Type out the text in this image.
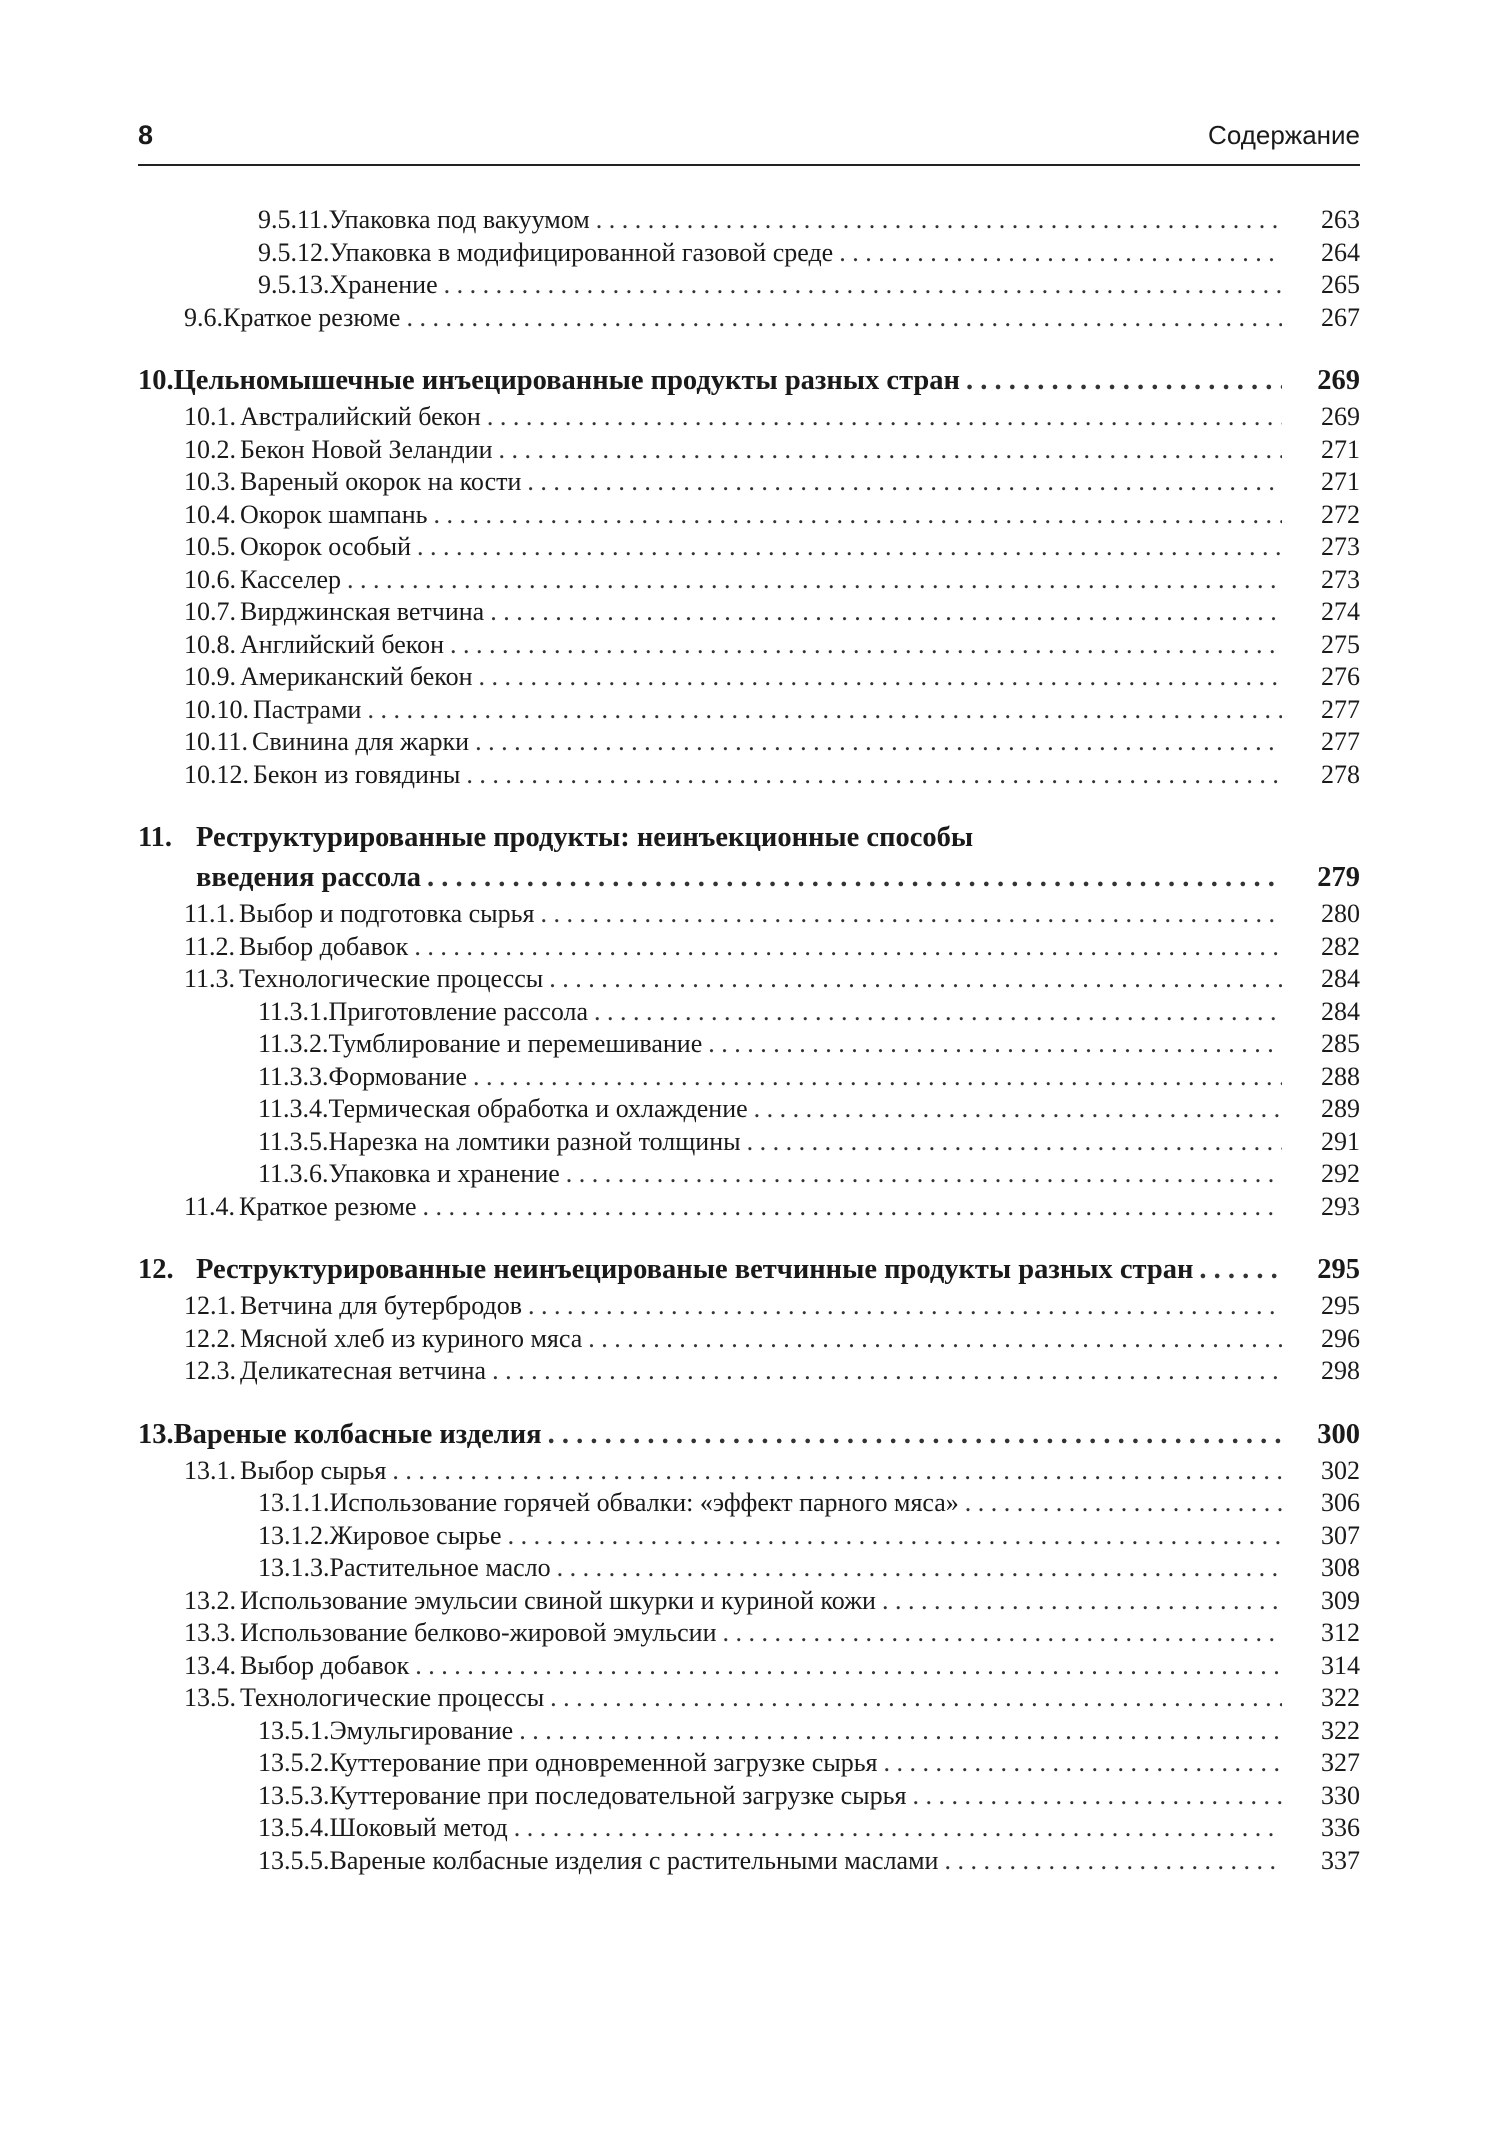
8	Содержание
9.5.11. Упаковка под вакуумом . . .	263
9.5.12. Упаковка в модифицированной газовой среде . . .	264
9.5.13. Хранение . . .	265
9.6. Краткое резюме . . .	267
10. Цельномышечные инъецированные продукты разных стран . . .	269
10.1. Австралийский бекон . . .	269
10.2. Бекон Новой Зеландии . . .	271
10.3. Вареный окорок на кости . . .	271
10.4. Окорок шампань . . .	272
10.5. Окорок особый . . .	273
10.6. Касселер . . .	273
10.7. Вирджинская ветчина . . .	274
10.8. Английский бекон . . .	275
10.9. Американский бекон . . .	276
10.10. Пастрами . . .	277
10.11. Свинина для жарки . . .	277
10.12. Бекон из говядины . . .	278
11. Реструктурированные продукты: неинъекционные способы
введения рассола . . .	279
11.1. Выбор и подготовка сырья . . .	280
11.2. Выбор добавок . . .	282
11.3. Технологические процессы . . .	284
11.3.1. Приготовление рассола . . .	284
11.3.2. Тумблирование и перемешивание . . .	285
11.3.3. Формование . . .	288
11.3.4. Термическая обработка и охлаждение . . .	289
11.3.5. Нарезка на ломтики разной толщины . . .	291
11.3.6. Упаковка и хранение . . .	292
11.4. Краткое резюме . . .	293
12. Реструктурированные неинъецированые ветчинные продукты разных стран . . .	295
12.1. Ветчина для бутербродов . . .	295
12.2. Мясной хлеб из куриного мяса . . .	296
12.3. Деликатесная ветчина . . .	298
13. Вареные колбасные изделия . . .	300
13.1. Выбор сырья . . .	302
13.1.1. Использование горячей обвалки: «эффект парного мяса» . . .	306
13.1.2. Жировое сырье . . .	307
13.1.3. Растительное масло . . .	308
13.2. Использование эмульсии свиной шкурки и куриной кожи . . .	309
13.3. Использование белково-жировой эмульсии . . .	312
13.4. Выбор добавок . . .	314
13.5. Технологические процессы . . .	322
13.5.1. Эмульгирование . . .	322
13.5.2. Куттерование при одновременной загрузке сырья . . .	327
13.5.3. Куттерование при последовательной загрузке сырья . . .	330
13.5.4. Шоковый метод . . .	336
13.5.5. Вареные колбасные изделия с растительными маслами . . .	337
